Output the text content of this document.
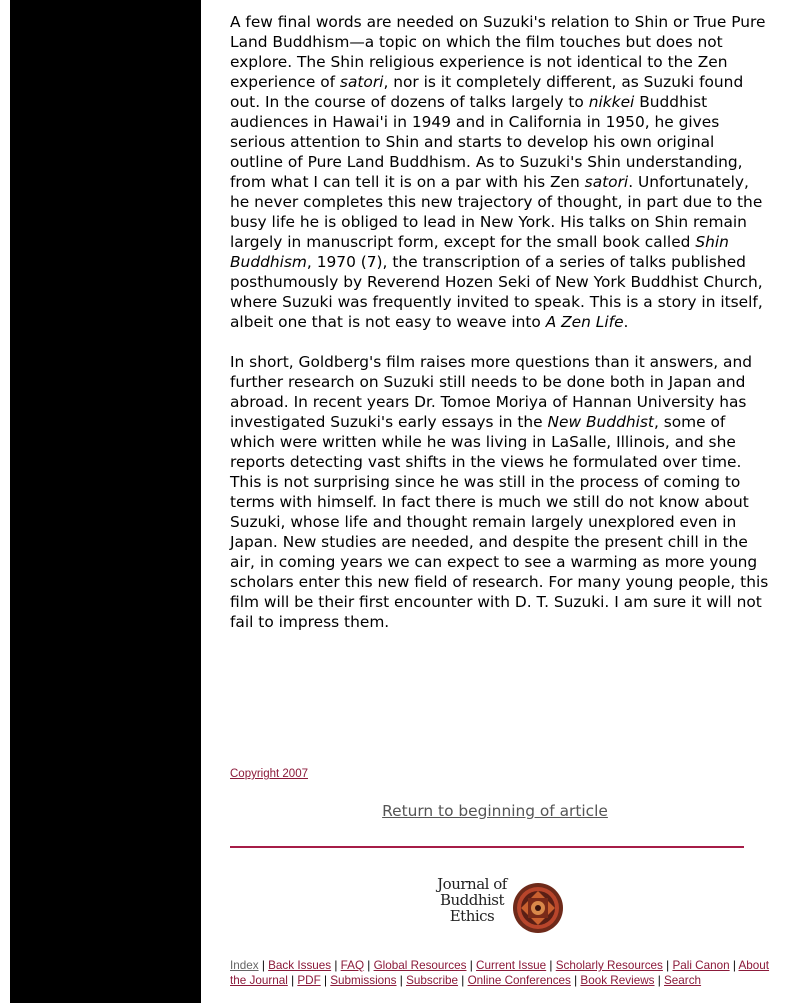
A few final words are needed on Suzuki's relation to Shin or True Pure Land Buddhism—a topic on which the film touches but does not explore. The Shin religious experience is not identical to the Zen experience of satori, nor is it completely different, as Suzuki found out. In the course of dozens of talks largely to nikkei Buddhist audiences in Hawai'i in 1949 and in California in 1950, he gives serious attention to Shin and starts to develop his own original outline of Pure Land Buddhism. As to Suzuki's Shin understanding, from what I can tell it is on a par with his Zen satori. Unfortunately, he never completes this new trajectory of thought, in part due to the busy life he is obliged to lead in New York. His talks on Shin remain largely in manuscript form, except for the small book called Shin Buddhism, 1970 (7), the transcription of a series of talks published posthumously by Reverend Hozen Seki of New York Buddhist Church, where Suzuki was frequently invited to speak. This is a story in itself, albeit one that is not easy to weave into A Zen Life.

In short, Goldberg's film raises more questions than it answers, and further research on Suzuki still needs to be done both in Japan and abroad. In recent years Dr. Tomoe Moriya of Hannan University has investigated Suzuki's early essays in the New Buddhist, some of which were written while he was living in LaSalle, Illinois, and she reports detecting vast shifts in the views he formulated over time. This is not surprising since he was still in the process of coming to terms with himself. In fact there is much we still do not know about Suzuki, whose life and thought remain largely unexplored even in Japan. New studies are needed, and despite the present chill in the air, in coming years we can expect to see a warming as more young scholars enter this new field of research. For many young people, this film will be their first encounter with D. T. Suzuki. I am sure it will not fail to impress them.

Copyright 2007
Return to beginning of article
Journal of
Buddhist
Ethics
Index | Back Issues | FAQ | Global Resources | Current Issue | Scholarly Resources | Pali Canon | About the Journal | PDF | Submissions | Subscribe | Online Conferences | Book Reviews | Search
